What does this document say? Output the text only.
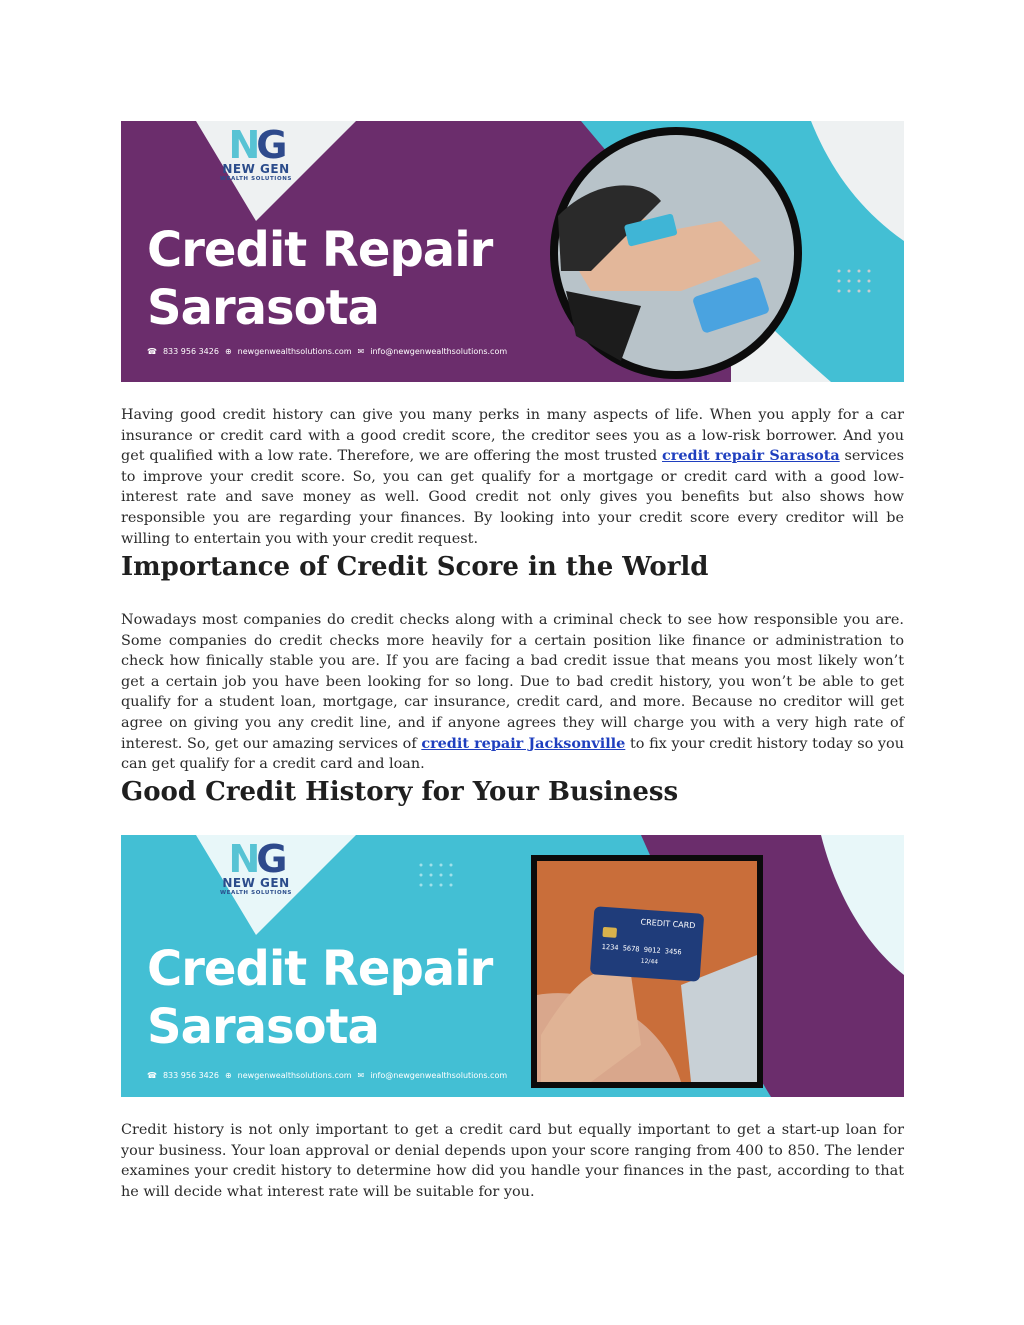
NG
NEW GEN
WEALTH SOLUTIONS
Credit Repair
Sarasota
☎ 833 956 3426 ⊕ newgenwealthsolutions.com ✉ info@newgenwealthsolutions.com

Having good credit history can give you many perks in many aspects of life. When you apply for a car insurance or credit card with a good credit score, the creditor sees you as a low-risk borrower. And you get qualified with a low rate. Therefore, we are offering the most trusted credit repair Sarasota services to improve your credit score. So, you can get qualify for a mortgage or credit card with a good low-interest rate and save money as well. Good credit not only gives you benefits but also shows how responsible you are regarding your finances. By looking into your credit score every creditor will be willing to entertain you with your credit request.

Importance of Credit Score in the World

Nowadays most companies do credit checks along with a criminal check to see how responsible you are. Some companies do credit checks more heavily for a certain position like finance or administration to check how finically stable you are. If you are facing a bad credit issue that means you most likely won’t get a certain job you have been looking for so long. Due to bad credit history, you won’t be able to get qualify for a student loan, mortgage, car insurance, credit card, and more. Because no creditor will get agree on giving you any credit line, and if anyone agrees they will charge you with a very high rate of interest. So, get our amazing services of credit repair Jacksonville to fix your credit history today so you can get qualify for a credit card and loan.

Good Credit History for Your Business
CREDIT CARD
1234 5678 9012 3456
12/44
NG
NEW GEN
WEALTH SOLUTIONS
Credit Repair
Sarasota
☎ 833 956 3426 ⊕ newgenwealthsolutions.com ✉ info@newgenwealthsolutions.com

Credit history is not only important to get a credit card but equally important to get a start-up loan for your business. Your loan approval or denial depends upon your score ranging from 400 to 850. The lender examines your credit history to determine how did you handle your finances in the past, according to that he will decide what interest rate will be suitable for you.
